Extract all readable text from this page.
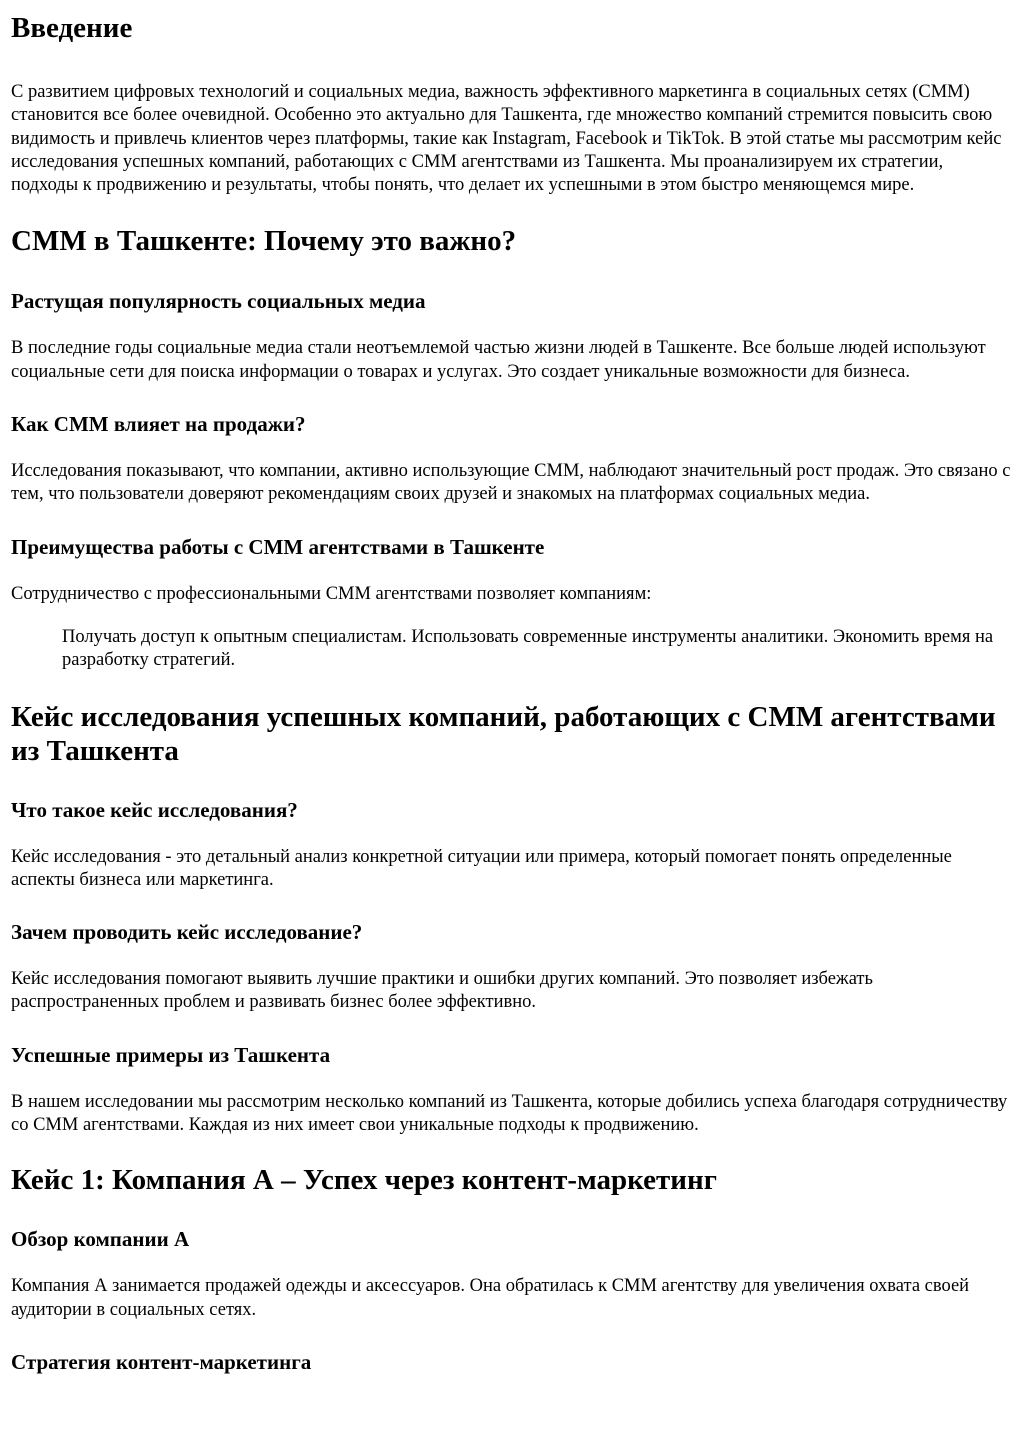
Введение

С развитием цифровых технологий и социальных медиа, важность эффективного маркетинга в социальных сетях (СММ) становится все более очевидной. Особенно это актуально для Ташкента, где множество компаний стремится повысить свою видимость и привлечь клиентов через платформы, такие как Instagram, Facebook и TikTok. В этой статье мы рассмотрим кейс исследования успешных компаний, работающих с СММ агентствами из Ташкента. Мы проанализируем их стратегии, подходы к продвижению и результаты, чтобы понять, что делает их успешными в этом быстро меняющемся мире.

СММ в Ташкенте: Почему это важно?
Растущая популярность социальных медиа

В последние годы социальные медиа стали неотъемлемой частью жизни людей в Ташкенте. Все больше людей используют социальные сети для поиска информации о товарах и услугах. Это создает уникальные возможности для бизнеса.

Как СММ влияет на продажи?

Исследования показывают, что компании, активно использующие СММ, наблюдают значительный рост продаж. Это связано с тем, что пользователи доверяют рекомендациям своих друзей и знакомых на платформах социальных медиа.

Преимущества работы с СММ агентствами в Ташкенте

Сотрудничество с профессиональными СММ агентствами позволяет компаниям:

Получать доступ к опытным специалистам. Использовать современные инструменты аналитики. Экономить время на разработку стратегий.
Кейс исследования успешных компаний, работающих с СММ агентствами из Ташкента
Что такое кейс исследования?

Кейс исследования - это детальный анализ конкретной ситуации или примера, который помогает понять определенные аспекты бизнеса или маркетинга.

Зачем проводить кейс исследование?

Кейс исследования помогают выявить лучшие практики и ошибки других компаний. Это позволяет избежать распространенных проблем и развивать бизнес более эффективно.

Успешные примеры из Ташкента

В нашем исследовании мы рассмотрим несколько компаний из Ташкента, которые добились успеха благодаря сотрудничеству со СММ агентствами. Каждая из них имеет свои уникальные подходы к продвижению.

Кейс 1: Компания А – Успех через контент-маркетинг
Обзор компании А

Компания А занимается продажей одежды и аксессуаров. Она обратилась к СММ агентству для увеличения охвата своей аудитории в социальных сетях.

Стратегия контент-маркетинга
